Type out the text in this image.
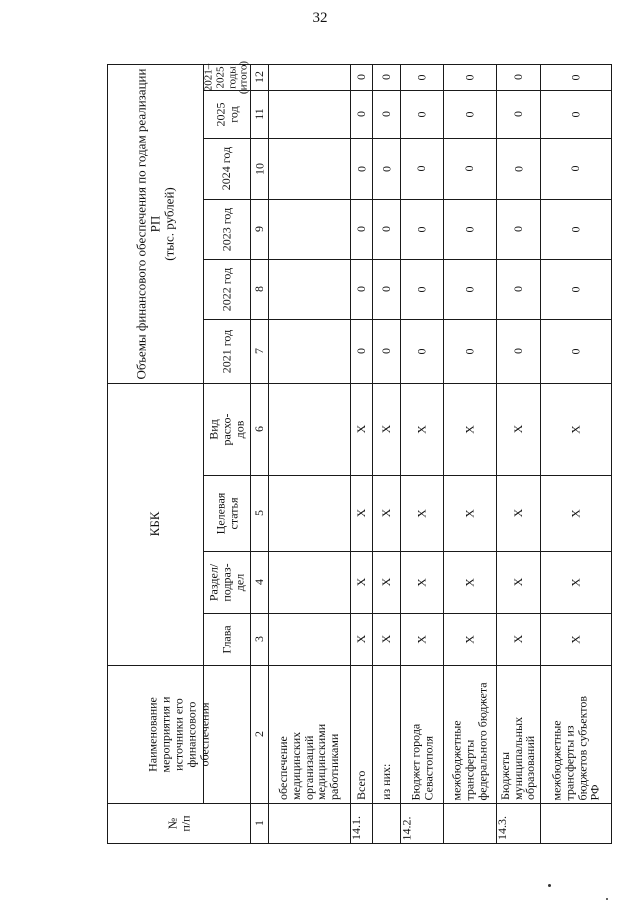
32
№
п/п
Наименование
мероприятия и
источники его
финансового
обеспечения
КБК
Объемы финансового обеспечения по годам реализации РП
(тыс. рублей)
Глава
Раздел/
подраз-
дел
Целевая
статья
Вид
расхо-
дов
2021 год
2022 год
2023 год
2024 год
2025 год
2021–
2025
годы
(итого)
1
2
3
4
5
6
7
8
9
10
11
12
обеспечение
медицинских
организаций
медицинскими
работниками
14.1.
Всего
Х
Х
Х
Х
0
0
0
0
0
0
из них:
Х
Х
Х
Х
0
0
0
0
0
0
14.2.
Бюджет города
Севастополя
Х
Х
Х
Х
0
0
0
0
0
0
межбюджетные
трансферты
федерального бюджета
Х
Х
Х
Х
0
0
0
0
0
0
14.3.
Бюджеты
муниципальных
образований
Х
Х
Х
Х
0
0
0
0
0
0
межбюджетные
трансферты из
бюджетов субъектов
РФ
Х
Х
Х
Х
0
0
0
0
0
0
